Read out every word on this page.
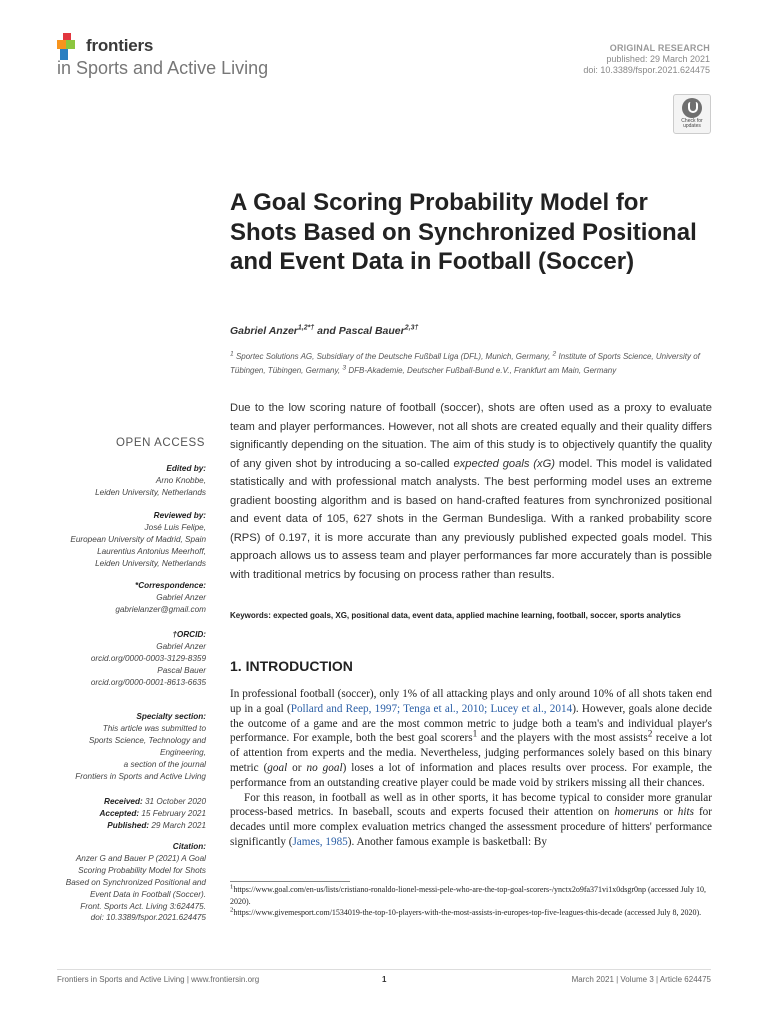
frontiers
in Sports and Active Living
ORIGINAL RESEARCH
published: 29 March 2021
doi: 10.3389/fspor.2021.624475
Check for
updates
A Goal Scoring Probability Model for Shots Based on Synchronized Positional and Event Data in Football (Soccer)
Gabriel Anzer$^{1,2*\dagger}$ and Pascal Bauer$^{2,3\dagger}$
$^1$ Sportec Solutions AG, Subsidiary of the Deutsche Fußball Liga (DFL), Munich, Germany, $^2$ Institute of Sports Science, University of Tübingen, Tübingen, Germany, $^3$ DFB-Akademie, Deutscher Fußball-Bund e.V., Frankfurt am Main, Germany
Due to the low scoring nature of football (soccer), shots are often used as a proxy to evaluate team and player performances. However, not all shots are created equally and their quality differs significantly depending on the situation. The aim of this study is to objectively quantify the quality of any given shot by introducing a so-called expected goals (xG) model. This model is validated statistically and with professional match analysts. The best performing model uses an extreme gradient boosting algorithm and is based on hand-crafted features from synchronized positional and event data of 105, 627 shots in the German Bundesliga. With a ranked probability score (RPS) of 0.197, it is more accurate than any previously published expected goals model. This approach allows us to assess team and player performances far more accurately than is possible with traditional metrics by focusing on process rather than results.
Keywords: expected goals, XG, positional data, event data, applied machine learning, football, soccer, sports analytics
OPEN ACCESS
Edited by:
Arno Knobbe,
Leiden University, Netherlands
Reviewed by:
José Luis Felipe,
European University of Madrid, Spain
Laurentius Antonius Meerhoff,
Leiden University, Netherlands
*Correspondence:
Gabriel Anzer
gabrielanzer@gmail.com
†ORCID:
Gabriel Anzer
orcid.org/0000-0003-3129-8359
Pascal Bauer
orcid.org/0000-0001-8613-6635
Specialty section:
This article was submitted to
Sports Science, Technology and
Engineering,
a section of the journal
Frontiers in Sports and Active Living
Received: 31 October 2020
Accepted: 15 February 2021
Published: 29 March 2021
Citation:
Anzer G and Bauer P (2021) A Goal
Scoring Probability Model for Shots
Based on Synchronized Positional and
Event Data in Football (Soccer).
Front. Sports Act. Living 3:624475.
doi: 10.3389/fspor.2021.624475
1. INTRODUCTION

In professional football (soccer), only 1% of all attacking plays and only around 10% of all shots taken end up in a goal (Pollard and Reep, 1997; Tenga et al., 2010; Lucey et al., 2014). However, goals alone decide the outcome of a game and are the most common metric to judge both a team's and individual player's performance. For example, both the best goal scorers$^1$ and the players with the most assists$^2$ receive a lot of attention from experts and the media. Nevertheless, judging performances solely based on this binary metric (goal or no goal) loses a lot of information and places results over process. For example, the performance from an outstanding creative player could be made void by strikers missing all their chances.

For this reason, in football as well as in other sports, it has become typical to consider more granular process-based metrics. In baseball, scouts and experts focused their attention on homeruns or hits for decades until more complex evaluation metrics changed the assessment procedure of hitters' performance significantly (James, 1985). Another famous example is basketball: By

$^1$https://www.goal.com/en-us/lists/cristiano-ronaldo-lionel-messi-pele-who-are-the-top-goal-scorers-/ynctx2o9fa371vi1x0dsgr0np (accessed July 10, 2020).

$^2$https://www.givemesport.com/1534019-the-top-10-players-with-the-most-assists-in-europes-top-five-leagues-this-decade (accessed July 8, 2020).

Frontiers in Sports and Active Living | www.frontiersin.org	1	March 2021 | Volume 3 | Article 624475
